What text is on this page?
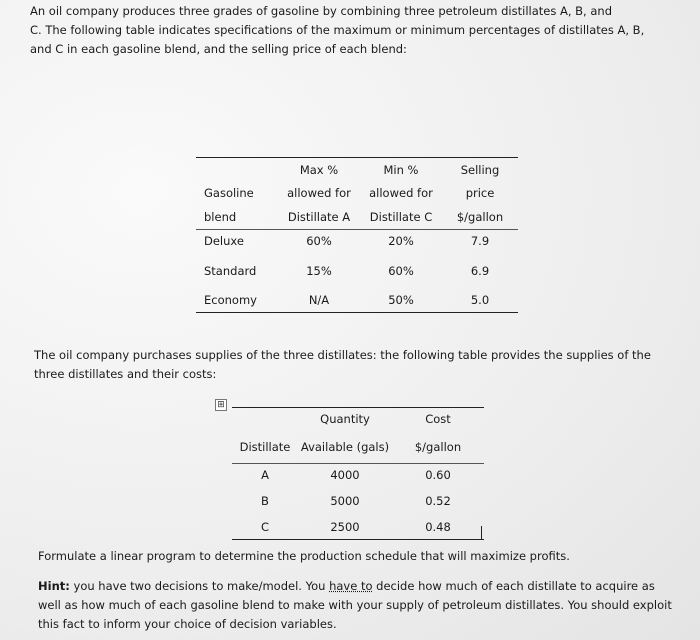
An oil company produces three grades of gasoline by combining three petroleum distillates A, B, and
C. The following table indicates specifications of the maximum or minimum percentages of distillates A, B,
and C in each gasoline blend, and the selling price of each blend:
	Max %	Min %	Selling
Gasoline	allowed for	allowed for	price
blend	Distillate A	Distillate C	$/gallon
Deluxe	60%	20%	7.9
Standard	15%	60%	6.9
Economy	N/A	50%	5.0
The oil company purchases supplies of the three distillates: the following table provides the supplies of the
three distillates and their costs:
⊞
	Quantity	Cost
Distillate	Available (gals)	$/gallon
A	4000	0.60
B	5000	0.52
C	2500	0.48

Formulate a linear program to determine the production schedule that will maximize profits.

Hint: you have two decisions to make/model. You have to decide how much of each distillate to acquire as well as how much of each gasoline blend to make with your supply of petroleum distillates. You should exploit this fact to inform your choice of decision variables.
